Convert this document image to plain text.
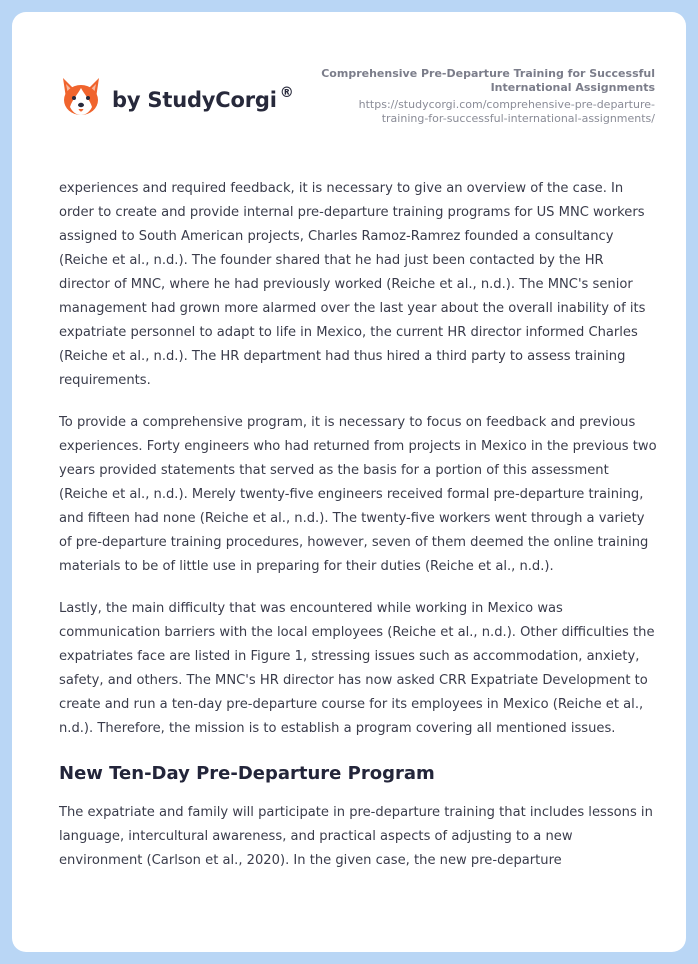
by StudyCorgi ®
Comprehensive Pre-Departure Training for Successful International Assignments
https://studycorgi.com/comprehensive-pre-departure-training-for-successful-international-assignments/

experiences and required feedback, it is necessary to give an overview of the case. In order to create and provide internal pre-departure training programs for US MNC workers assigned to South American projects, Charles Ramoz-Ramrez founded a consultancy (Reiche et al., n.d.). The founder shared that he had just been contacted by the HR director of MNC, where he had previously worked (Reiche et al., n.d.). The MNC's senior management had grown more alarmed over the last year about the overall inability of its expatriate personnel to adapt to life in Mexico, the current HR director informed Charles (Reiche et al., n.d.). The HR department had thus hired a third party to assess training requirements.

To provide a comprehensive program, it is necessary to focus on feedback and previous experiences. Forty engineers who had returned from projects in Mexico in the previous two years provided statements that served as the basis for a portion of this assessment (Reiche et al., n.d.). Merely twenty-five engineers received formal pre-departure training, and fifteen had none (Reiche et al., n.d.). The twenty-five workers went through a variety of pre-departure training procedures, however, seven of them deemed the online training materials to be of little use in preparing for their duties (Reiche et al., n.d.).

Lastly, the main difficulty that was encountered while working in Mexico was communication barriers with the local employees (Reiche et al., n.d.). Other difficulties the expatriates face are listed in Figure 1, stressing issues such as accommodation, anxiety, safety, and others. The MNC's HR director has now asked CRR Expatriate Development to create and run a ten-day pre-departure course for its employees in Mexico (Reiche et al., n.d.). Therefore, the mission is to establish a program covering all mentioned issues.

New Ten-Day Pre-Departure Program

The expatriate and family will participate in pre-departure training that includes lessons in language, intercultural awareness, and practical aspects of adjusting to a new environment (Carlson et al., 2020). In the given case, the new pre-departure
